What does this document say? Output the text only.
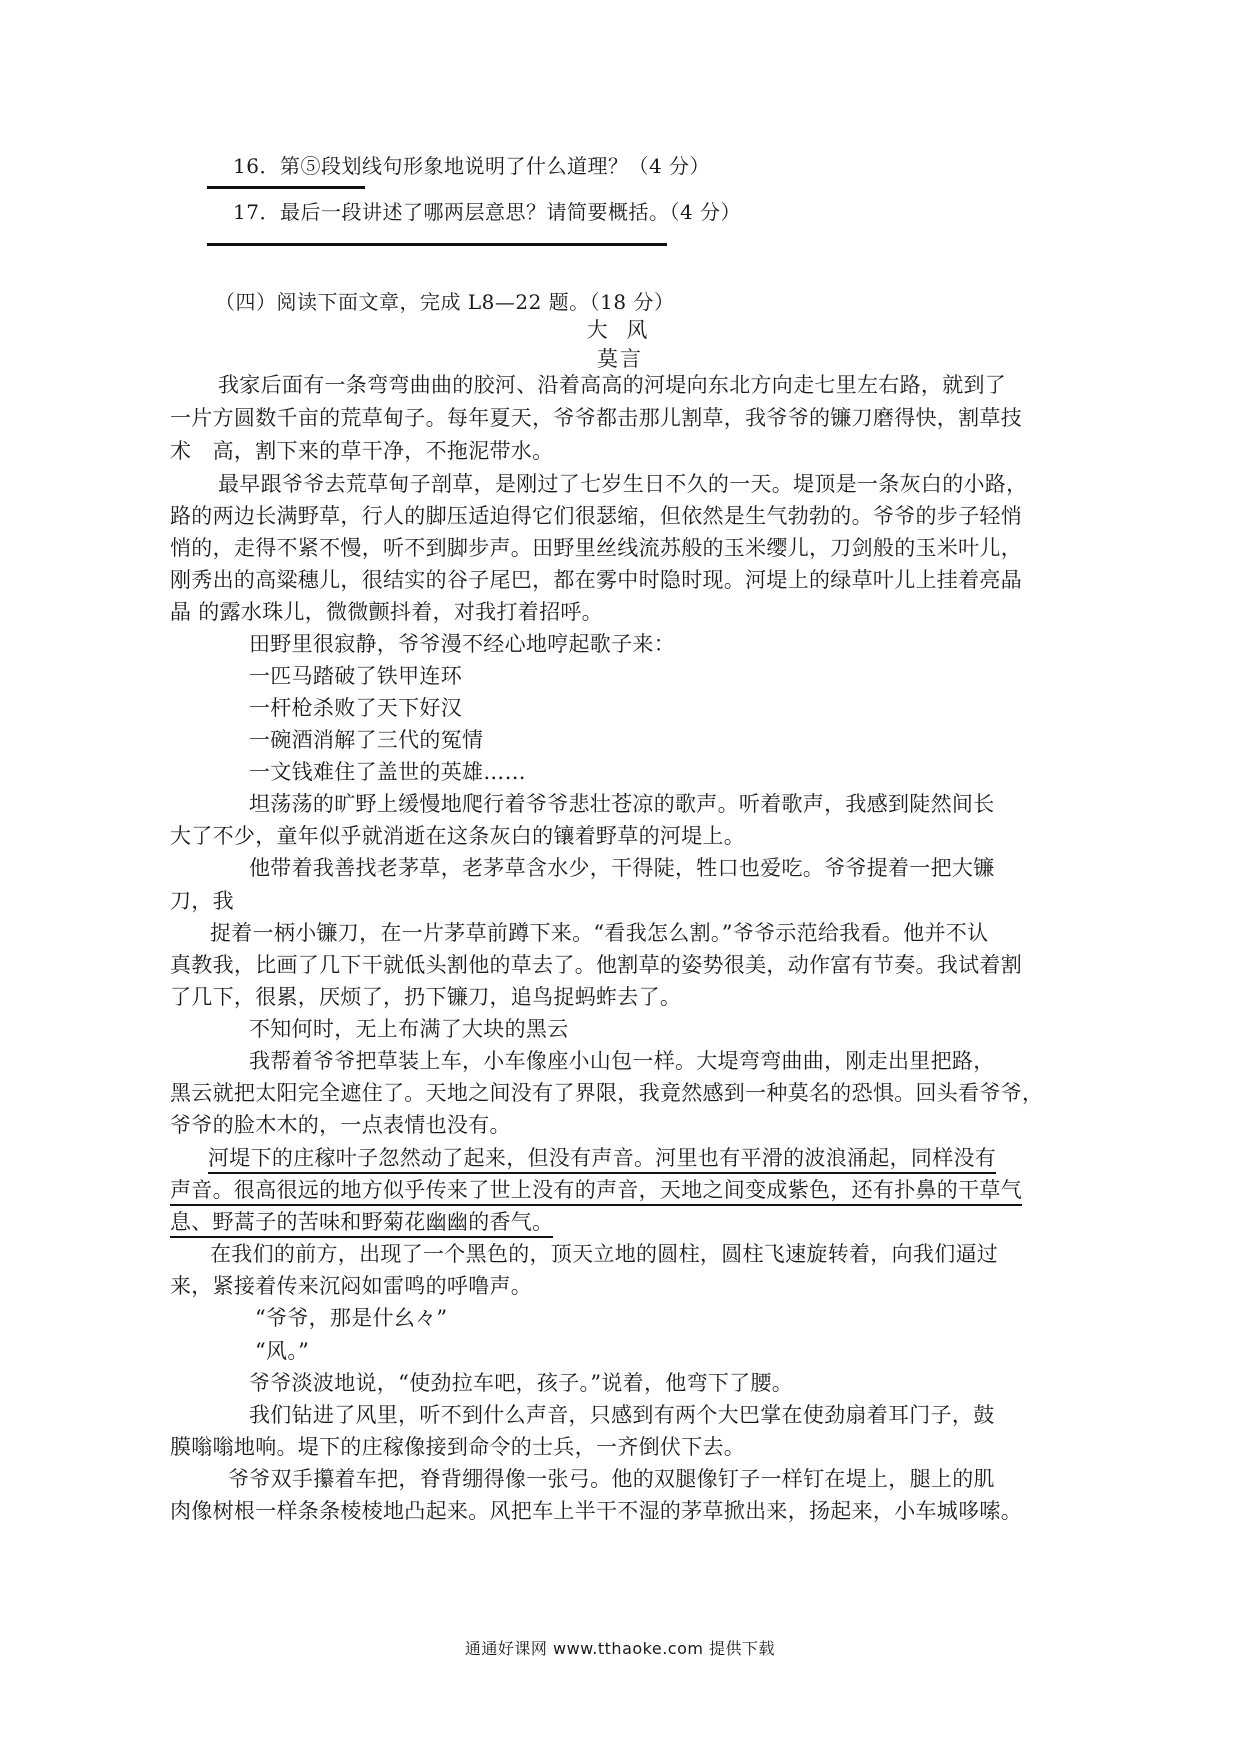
16．第⑤段划线句形象地说明了什么道理？（4 分）
17．最后一段讲述了哪两层意思？请简要概括。（4 分）
（四）阅读下面文章，完成 L8—22 题。（18 分）
大 风
莫言
我家后面有一条弯弯曲曲的胶河、沿着高高的河堤向东北方向走七里左右路，就到了
一片方圆数千亩的荒草甸子。每年夏天，爷爷都击那儿割草，我爷爷的镰刀磨得快，割草技
术　高，割下来的草干净，不拖泥带水。
最早跟爷爷去荒草甸子剖草，是刚过了七岁生日不久的一天。堤顶是一条灰白的小路，
路的两边长满野草，行人的脚压适迫得它们很瑟缩，但依然是生气勃勃的。爷爷的步子轻悄
悄的，走得不紧不慢，听不到脚步声。田野里丝线流苏般的玉米缨儿，刀剑般的玉米叶儿，
刚秀出的高粱穗儿，很结实的谷子尾巴，都在雾中时隐时现。河堤上的绿草叶儿上挂着亮晶
晶 的露水珠儿，微微颤抖着，对我打着招呼。
田野里很寂静，爷爷漫不经心地哼起歌子来：
一匹马踏破了铁甲连环
一杆枪杀败了天下好汉
一碗酒消解了三代的冤情
一文钱难住了盖世的英雄……
坦荡荡的旷野上缓慢地爬行着爷爷悲壮苍凉的歌声。听着歌声，我感到陡然间长
大了不少，童年似乎就消逝在这条灰白的镶着野草的河堤上。
他带着我善找老茅草，老茅草含水少，干得陡，牲口也爱吃。爷爷提着一把大镰
刀，我
捉着一柄小镰刀，在一片茅草前蹲下来。“看我怎么割。”爷爷示范给我看。他并不认
真教我，比画了几下干就低头割他的草去了。他割草的姿势很美，动作富有节奏。我试着割
了几下，很累，厌烦了，扔下镰刀，追鸟捉蚂蚱去了。
不知何时，无上布满了大块的黑云
我帮着爷爷把草装上车，小车像座小山包一样。大堤弯弯曲曲，刚走出里把路，
黑云就把太阳完全遮住了。天地之间没有了界限，我竟然感到一种莫名的恐惧。回头看爷爷，
爷爷的脸木木的，一点表情也没有。
河堤下的庄稼叶子忽然动了起来，但没有声音。河里也有平滑的波浪涌起，同样没有
声音。很高很远的地方似乎传来了世上没有的声音，天地之间变成紫色，还有扑鼻的干草气
息、野蒿子的苦味和野菊花幽幽的香气。
在我们的前方，出现了一个黑色的，顶天立地的圆柱，圆柱飞速旋转着，向我们逼过
来，紧接着传来沉闷如雷鸣的呼噜声。
“爷爷，那是什幺々”
“风。”
爷爷淡波地说，“使劲拉车吧，孩子。”说着，他弯下了腰。
我们钻进了风里，听不到什么声音，只感到有两个大巴掌在使劲扇着耳门子，鼓
膜嗡嗡地响。堤下的庄稼像接到命令的士兵，一齐倒伏下去。
爷爷双手攥着车把，脊背绷得像一张弓。他的双腿像钉子一样钉在堤上，腿上的肌
肉像树根一样条条棱棱地凸起来。风把车上半干不湿的茅草掀出来，扬起来，小车城哆嗦。
通通好课网 www.tthaoke.com 提供下载
